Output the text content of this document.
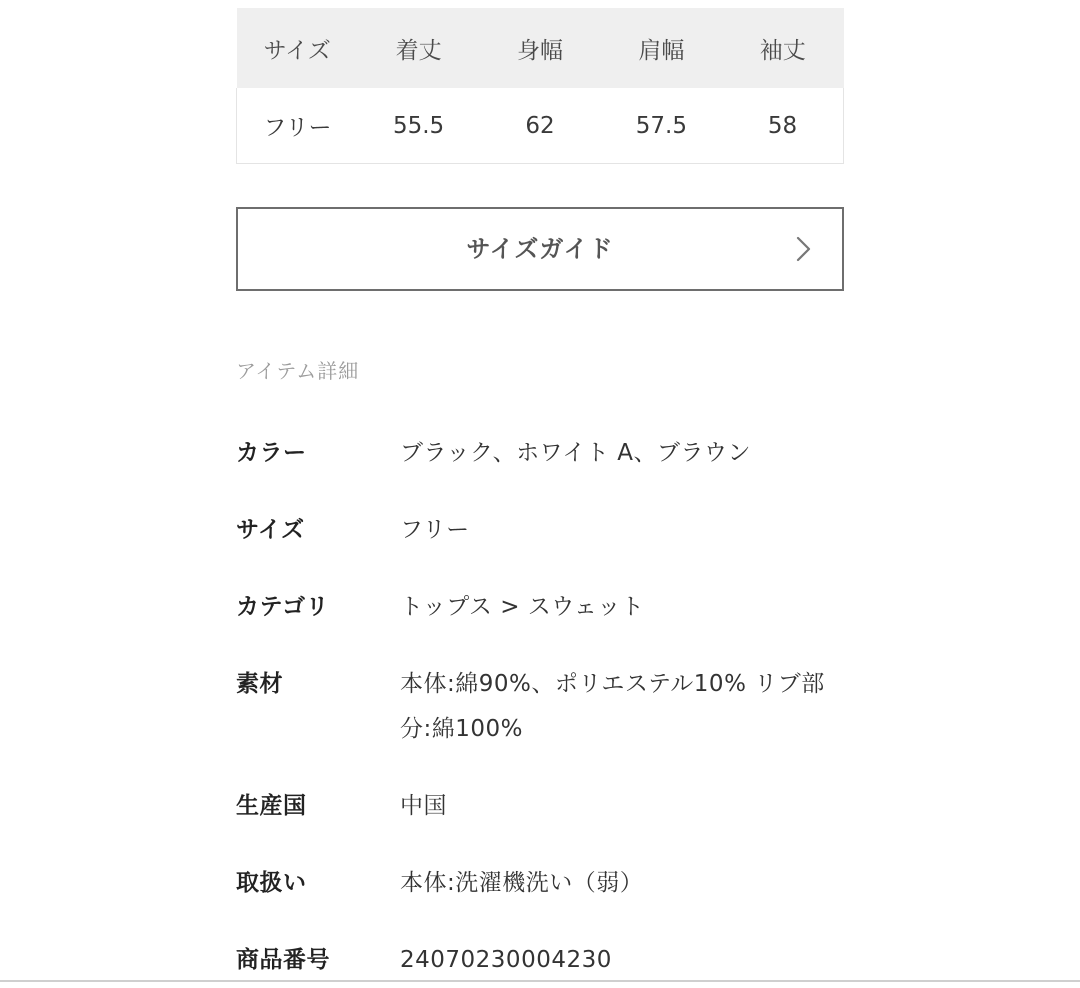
サイズ	着丈	身幅	肩幅	袖丈
フリー	55.5	62	57.5	58
サイズガイド
アイテム詳細
カラー	ブラック、ホワイト A、ブラウン
サイズ	フリー
カテゴリ	トップス > スウェット
素材	本体:綿90%、ポリエステル10% リブ部分:綿100%
生産国	中国
取扱い	本体:洗濯機洗い（弱）
商品番号	24070230004230
